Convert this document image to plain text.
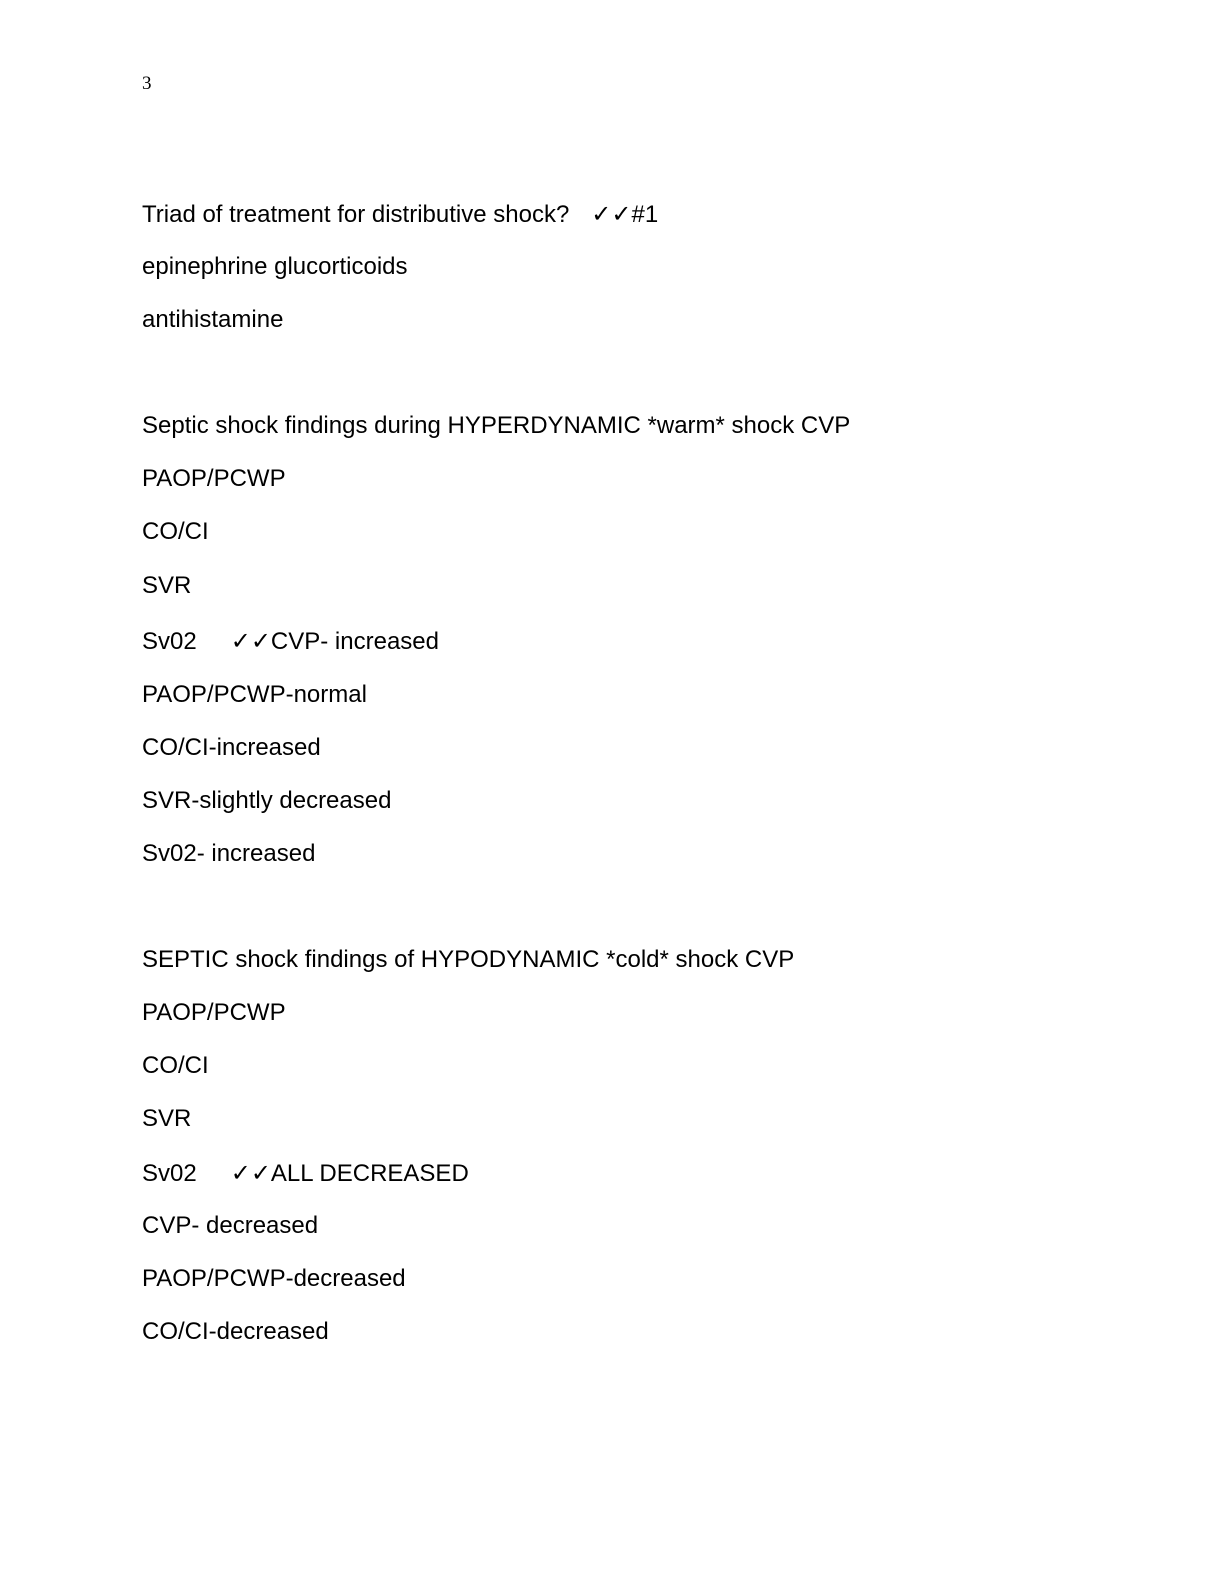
3
Triad of treatment for distributive shock? ✓✓#1
epinephrine glucorticoids
antihistamine
Septic shock findings during HYPERDYNAMIC *warm* shock CVP
PAOP/PCWP
CO/CI
SVR
Sv02 ✓✓CVP- increased
PAOP/PCWP-normal
CO/CI-increased
SVR-slightly decreased
Sv02- increased
SEPTIC shock findings of HYPODYNAMIC *cold* shock CVP
PAOP/PCWP
CO/CI
SVR
Sv02 ✓✓ALL DECREASED
CVP- decreased
PAOP/PCWP-decreased
CO/CI-decreased
